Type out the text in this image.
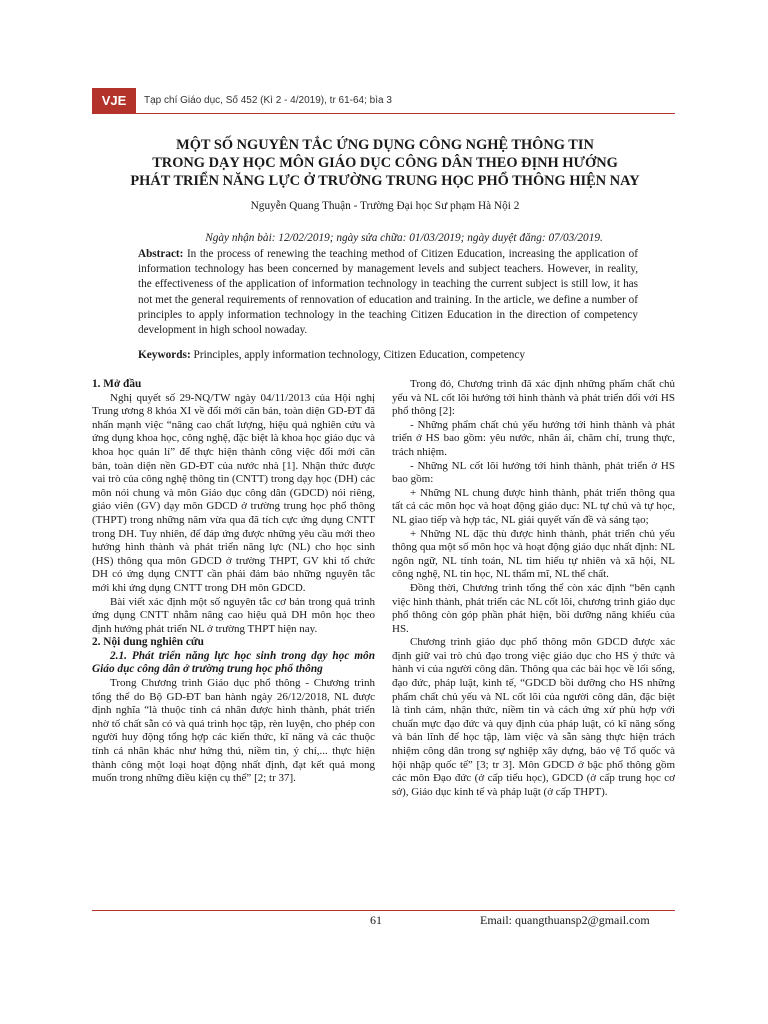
VJE	Tạp chí Giáo dục, Số 452 (Kì 2 - 4/2019), tr 61-64; bìa 3
MỘT SỐ NGUYÊN TẮC ỨNG DỤNG CÔNG NGHỆ THÔNG TIN
TRONG DẠY HỌC MÔN GIÁO DỤC CÔNG DÂN THEO ĐỊNH HƯỚNG
PHÁT TRIỂN NĂNG LỰC Ở TRƯỜNG TRUNG HỌC PHỔ THÔNG HIỆN NAY
Nguyễn Quang Thuận - Trường Đại học Sư phạm Hà Nội 2
Ngày nhận bài: 12/02/2019; ngày sửa chữa: 01/03/2019; ngày duyệt đăng: 07/03/2019.
Abstract: In the process of renewing the teaching method of Citizen Education, increasing the application of information technology has been concerned by management levels and subject teachers. However, in reality, the effectiveness of the application of information technology in teaching the current subject is still low, it has not met the general requirements of rennovation of education and training. In the article, we define a number of principles to apply information technology in the teaching Citizen Education in the direction of competency development in high school nowaday.
Keywords: Principles, apply information technology, Citizen Education, competency
1. Mở đầu

Nghị quyết số 29-NQ/TW ngày 04/11/2013 của Hội nghị Trung ương 8 khóa XI về đổi mới căn bản, toàn diện GD-ĐT đã nhấn mạnh việc “nâng cao chất lượng, hiệu quả nghiên cứu và ứng dụng khoa học, công nghệ, đặc biệt là khoa học giáo dục và khoa học quản lí” để thực hiện thành công việc đổi mới căn bản, toàn diện nền GD-ĐT của nước nhà [1]. Nhận thức được vai trò của công nghệ thông tin (CNTT) trong dạy học (DH) các môn nói chung và môn Giáo dục công dân (GDCD) nói riêng, giáo viên (GV) dạy môn GDCD ở trường trung học phổ thông (THPT) trong những năm vừa qua đã tích cực ứng dụng CNTT trong DH. Tuy nhiên, để đáp ứng được những yêu cầu mới theo hướng hình thành và phát triển năng lực (NL) cho học sinh (HS) thông qua môn GDCD ở trường THPT, GV khi tổ chức DH có ứng dụng CNTT cần phải đảm bảo những nguyên tắc mới khi ứng dụng CNTT trong DH môn GDCD.

Bài viết xác định một số nguyên tắc cơ bản trong quá trình ứng dụng CNTT nhằm nâng cao hiệu quả DH môn học theo định hướng phát triển NL ở trường THPT hiện nay.

2. Nội dung nghiên cứu
2.1. Phát triển năng lực học sinh trong dạy học môn Giáo dục công dân ở trường trung học phổ thông

Trong Chương trình Giáo dục phổ thông - Chương trình tổng thể do Bộ GD-ĐT ban hành ngày 26/12/2018, NL được định nghĩa “là thuộc tính cá nhân được hình thành, phát triển nhờ tố chất sẵn có và quá trình học tập, rèn luyện, cho phép con người huy động tổng hợp các kiến thức, kĩ năng và các thuộc tính cá nhân khác như hứng thú, niềm tin, ý chí,... thực hiện thành công một loại hoạt động nhất định, đạt kết quả mong muốn trong những điều kiện cụ thể” [2; tr 37].

Trong đó, Chương trình đã xác định những phẩm chất chủ yếu và NL cốt lõi hướng tới hình thành và phát triển đối với HS phổ thông [2]:

- Những phẩm chất chủ yếu hướng tới hình thành và phát triển ở HS bao gồm: yêu nước, nhân ái, chăm chỉ, trung thực, trách nhiệm.

- Những NL cốt lõi hướng tới hình thành, phát triển ở HS bao gồm:

+ Những NL chung được hình thành, phát triển thông qua tất cả các môn học và hoạt động giáo dục: NL tự chủ và tự học, NL giao tiếp và hợp tác, NL giải quyết vấn đề và sáng tạo;

+ Những NL đặc thù được hình thành, phát triển chủ yếu thông qua một số môn học và hoạt động giáo dục nhất định: NL ngôn ngữ, NL tính toán, NL tìm hiểu tự nhiên và xã hội, NL công nghệ, NL tin học, NL thẩm mĩ, NL thể chất.

Đồng thời, Chương trình tổng thể còn xác định “bên cạnh việc hình thành, phát triển các NL cốt lõi, chương trình giáo dục phổ thông còn góp phần phát hiện, bồi dưỡng năng khiếu của HS.

Chương trình giáo dục phổ thông môn GDCD được xác định giữ vai trò chủ đạo trong việc giáo dục cho HS ý thức và hành vi của người công dân. Thông qua các bài học về lối sống, đạo đức, pháp luật, kinh tế, “GDCD bồi dưỡng cho HS những phẩm chất chủ yếu và NL cốt lõi của người công dân, đặc biệt là tình cảm, nhận thức, niềm tin và cách ứng xử phù hợp với chuẩn mực đạo đức và quy định của pháp luật, có kĩ năng sống và bản lĩnh để học tập, làm việc và sẵn sàng thực hiện trách nhiệm công dân trong sự nghiệp xây dựng, bảo vệ Tổ quốc và hội nhập quốc tế” [3; tr 3]. Môn GDCD ở bậc phổ thông gồm các môn Đạo đức (ở cấp tiểu học), GDCD (ở cấp trung học cơ sở), Giáo dục kinh tế và pháp luật (ở cấp THPT).

61	Email: quangthuansp2@gmail.com
